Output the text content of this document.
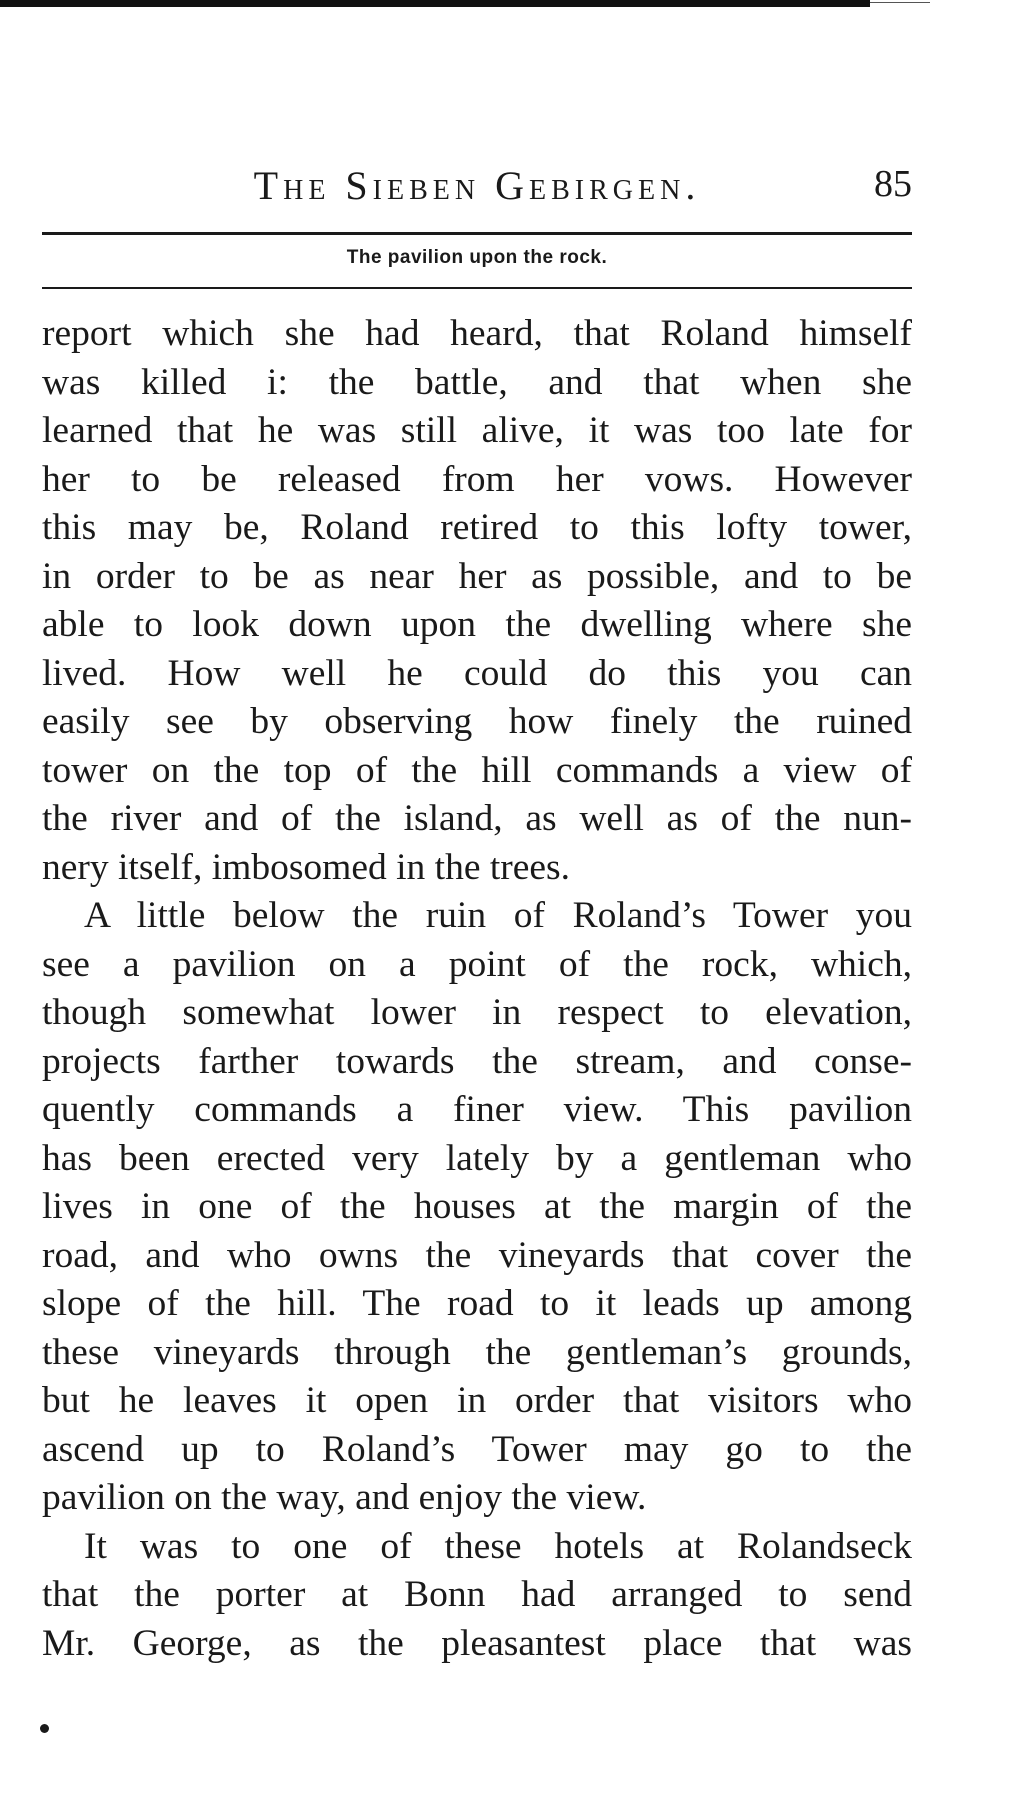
The Sieben Gebirgen.	85
The pavilion upon the rock.
report which she had heard, that Roland himself
was killed i: the battle, and that when she
learned that he was still alive, it was too late for
her to be released from her vows. However
this may be, Roland retired to this lofty tower,
in order to be as near her as possible, and to be
able to look down upon the dwelling where she
lived. How well he could do this you can
easily see by observing how finely the ruined
tower on the top of the hill commands a view of
the river and of the island, as well as of the nun-
nery itself, imbosomed in the trees.
A little below the ruin of Roland’s Tower you
see a pavilion on a point of the rock, which,
though somewhat lower in respect to elevation,
projects farther towards the stream, and conse-
quently commands a finer view. This pavilion
has been erected very lately by a gentleman who
lives in one of the houses at the margin of the
road, and who owns the vineyards that cover the
slope of the hill. The road to it leads up among
these vineyards through the gentleman’s grounds,
but he leaves it open in order that visitors who
ascend up to Roland’s Tower may go to the
pavilion on the way, and enjoy the view.
It was to one of these hotels at Rolandseck
that the porter at Bonn had arranged to send
Mr. George, as the pleasantest place that was
